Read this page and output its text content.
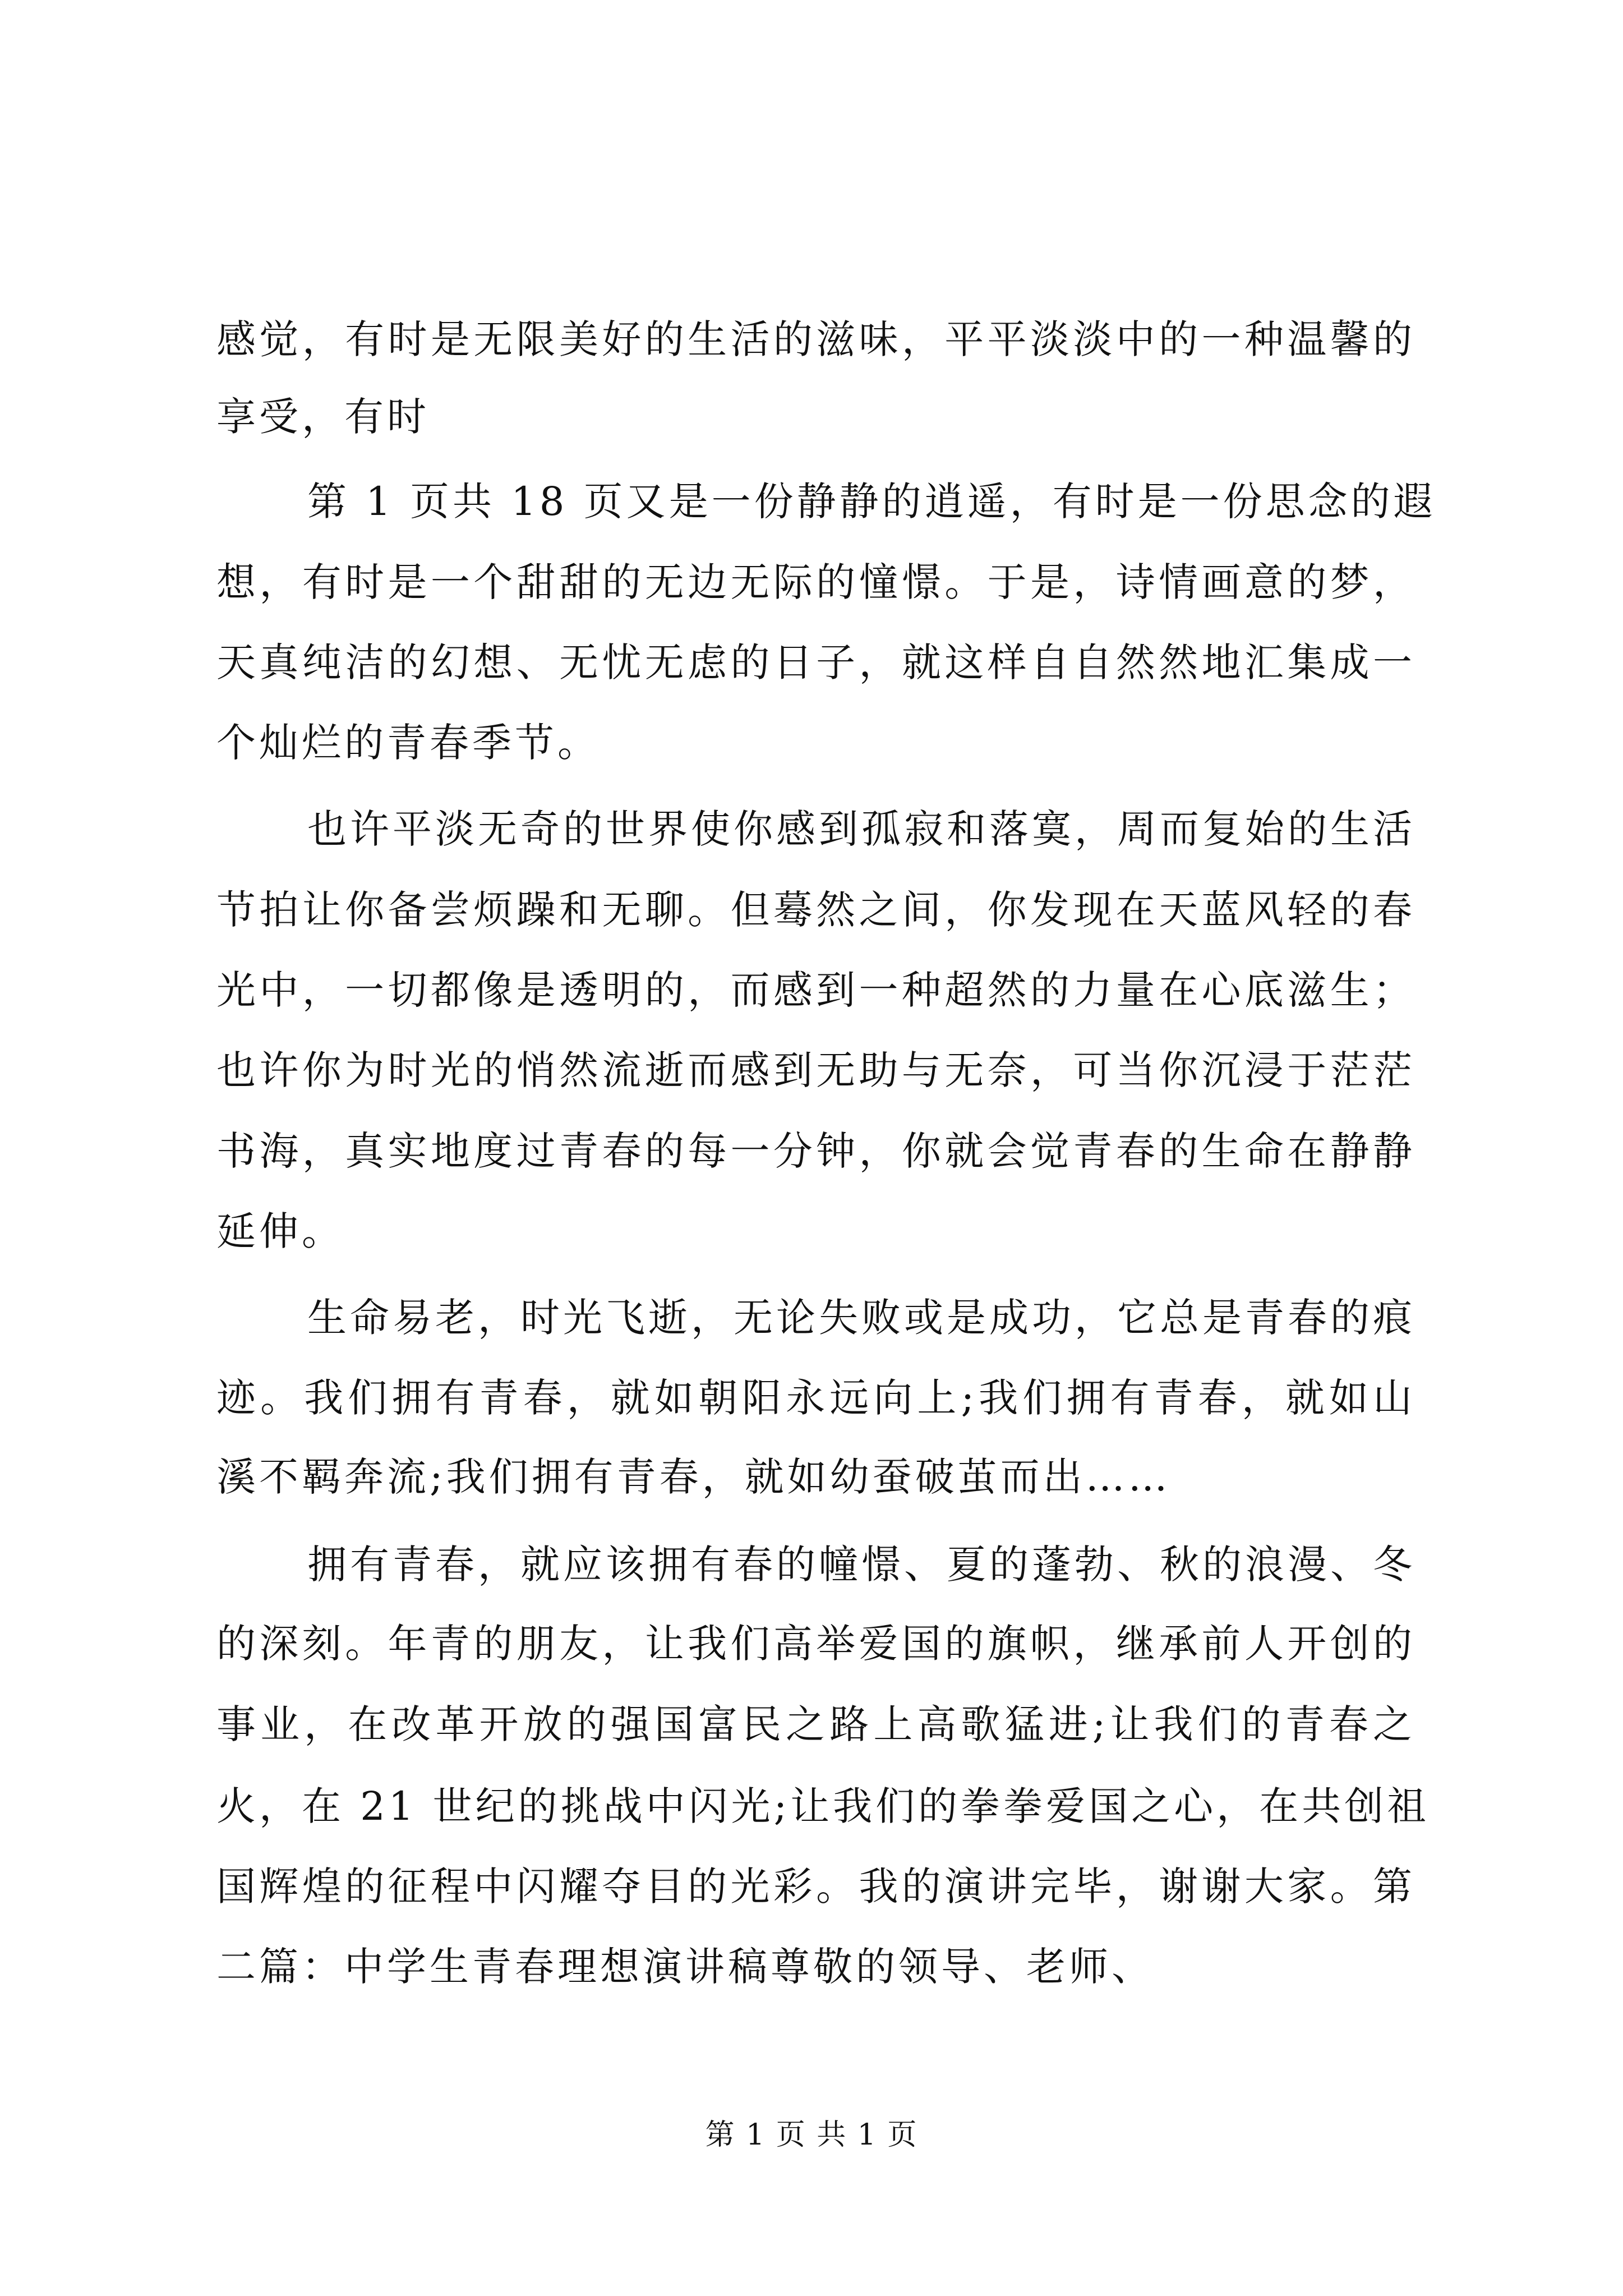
感觉，有时是无限美好的生活的滋味，平平淡淡中的一种温馨的
享受，有时
第 1 页共 18 页又是一份静静的逍遥，有时是一份思念的遐
想，有时是一个甜甜的无边无际的憧憬。于是，诗情画意的梦，
天真纯洁的幻想、无忧无虑的日子，就这样自自然然地汇集成一
个灿烂的青春季节。
也许平淡无奇的世界使你感到孤寂和落寞，周而复始的生活
节拍让你备尝烦躁和无聊。但蓦然之间，你发现在天蓝风轻的春
光中，一切都像是透明的，而感到一种超然的力量在心底滋生；
也许你为时光的悄然流逝而感到无助与无奈，可当你沉浸于茫茫
书海，真实地度过青春的每一分钟，你就会觉青春的生命在静静
延伸。
生命易老，时光飞逝，无论失败或是成功，它总是青春的痕
迹。我们拥有青春，就如朝阳永远向上;我们拥有青春，就如山
溪不羁奔流;我们拥有青春，就如幼蚕破茧而出……
拥有青春，就应该拥有春的幢憬、夏的蓬勃、秋的浪漫、冬
的深刻。年青的朋友，让我们高举爱国的旗帜，继承前人开创的
事业，在改革开放的强国富民之路上高歌猛进;让我们的青春之
火，在 21 世纪的挑战中闪光;让我们的拳拳爱国之心，在共创祖
国辉煌的征程中闪耀夺目的光彩。我的演讲完毕，谢谢大家。第
二篇：中学生青春理想演讲稿尊敬的领导、老师、
第 1 页 共 1 页
